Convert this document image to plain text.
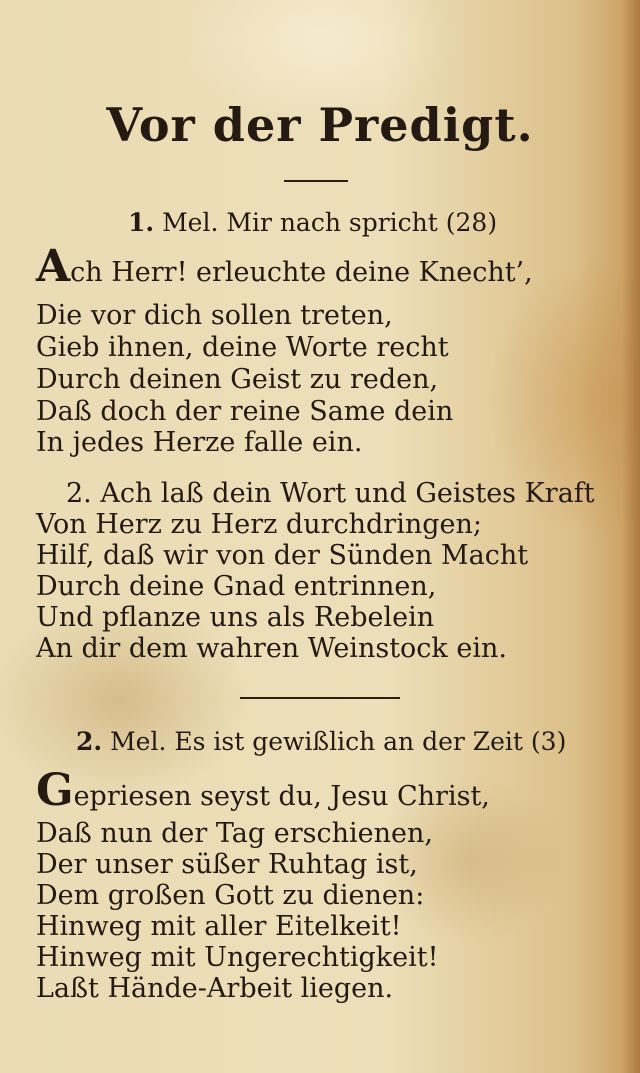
Vor der Predigt.
1. Mel. Mir nach spricht (28)
Ach Herr! erleuchte deine Knecht’,
Die vor dich sollen treten,
Gieb ihnen, deine Worte recht
Durch deinen Geist zu reden,
Daß doch der reine Same dein
In jedes Herze falle ein.
2. Ach laß dein Wort und Geistes Kraft
Von Herz zu Herz durchdringen;
Hilf, daß wir von der Sünden Macht
Durch deine Gnad entrinnen,
Und pflanze uns als Rebelein
An dir dem wahren Weinstock ein.
2. Mel. Es ist gewißlich an der Zeit (3)
Gepriesen seyst du, Jesu Christ,
Daß nun der Tag erschienen,
Der unser süßer Ruhtag ist,
Dem großen Gott zu dienen:
Hinweg mit aller Eitelkeit!
Hinweg mit Ungerechtigkeit!
Laßt Hände-Arbeit liegen.
